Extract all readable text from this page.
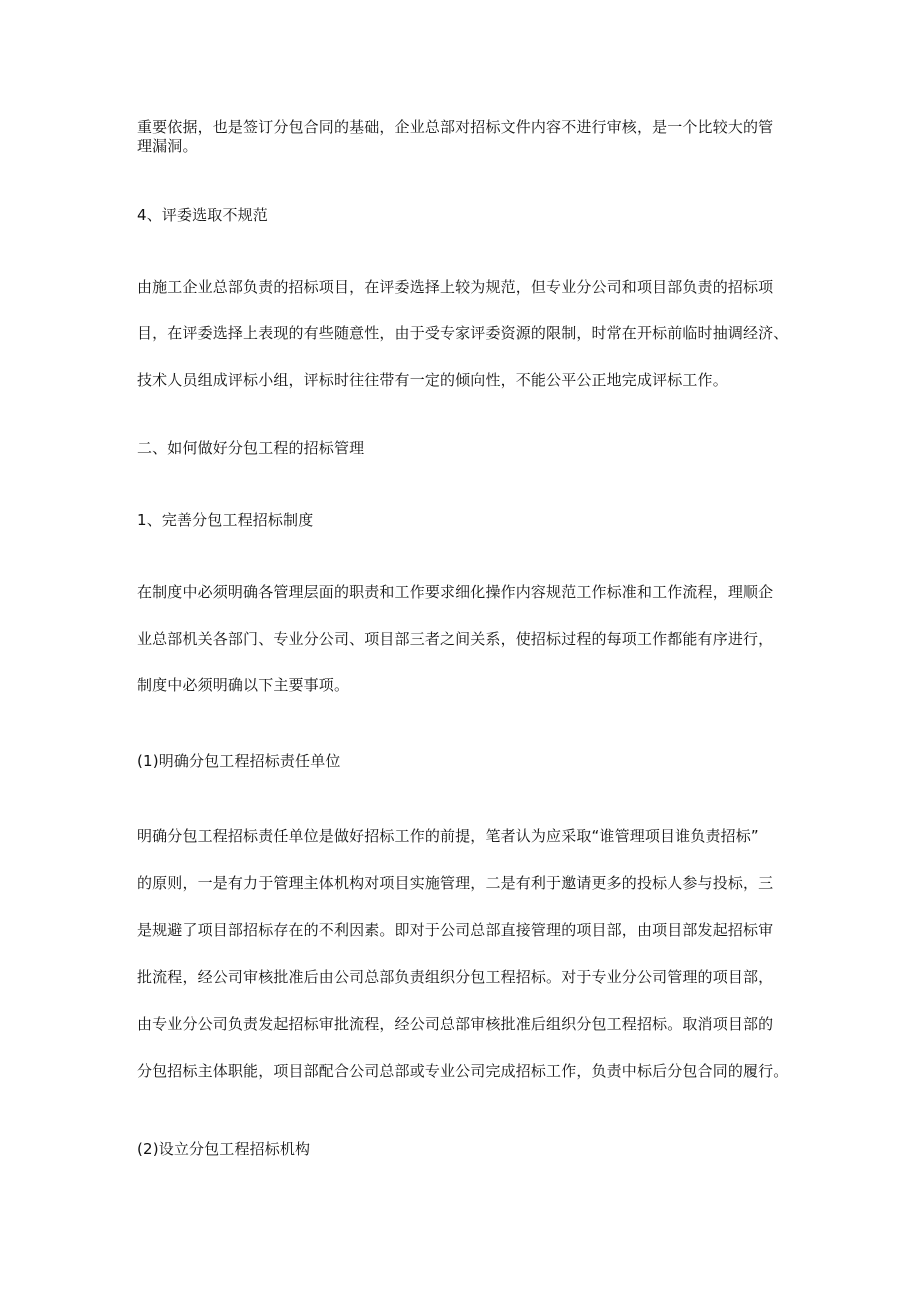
重要依据，也是签订分包合同的基础，企业总部对招标文件内容不进行审核，是一个比较大的管
理漏洞。
4、评委选取不规范
由施工企业总部负责的招标项目，在评委选择上较为规范，但专业分公司和项目部负责的招标项
目，在评委选择上表现的有些随意性，由于受专家评委资源的限制，时常在开标前临时抽调经济、
技术人员组成评标小组，评标时往往带有一定的倾向性，不能公平公正地完成评标工作。
二、如何做好分包工程的招标管理
1、完善分包工程招标制度
在制度中必须明确各管理层面的职责和工作要求细化操作内容规范工作标准和工作流程，理顺企
业总部机关各部门、专业分公司、项目部三者之间关系，使招标过程的每项工作都能有序进行，
制度中必须明确以下主要事项。
(1)明确分包工程招标责任单位
明确分包工程招标责任单位是做好招标工作的前提，笔者认为应采取“谁管理项目谁负责招标”
的原则，一是有力于管理主体机构对项目实施管理，二是有利于邀请更多的投标人参与投标，三
是规避了项目部招标存在的不利因素。即对于公司总部直接管理的项目部，由项目部发起招标审
批流程，经公司审核批准后由公司总部负责组织分包工程招标。对于专业分公司管理的项目部，
由专业分公司负责发起招标审批流程，经公司总部审核批准后组织分包工程招标。取消项目部的
分包招标主体职能，项目部配合公司总部或专业公司完成招标工作，负责中标后分包合同的履行。
(2)设立分包工程招标机构
